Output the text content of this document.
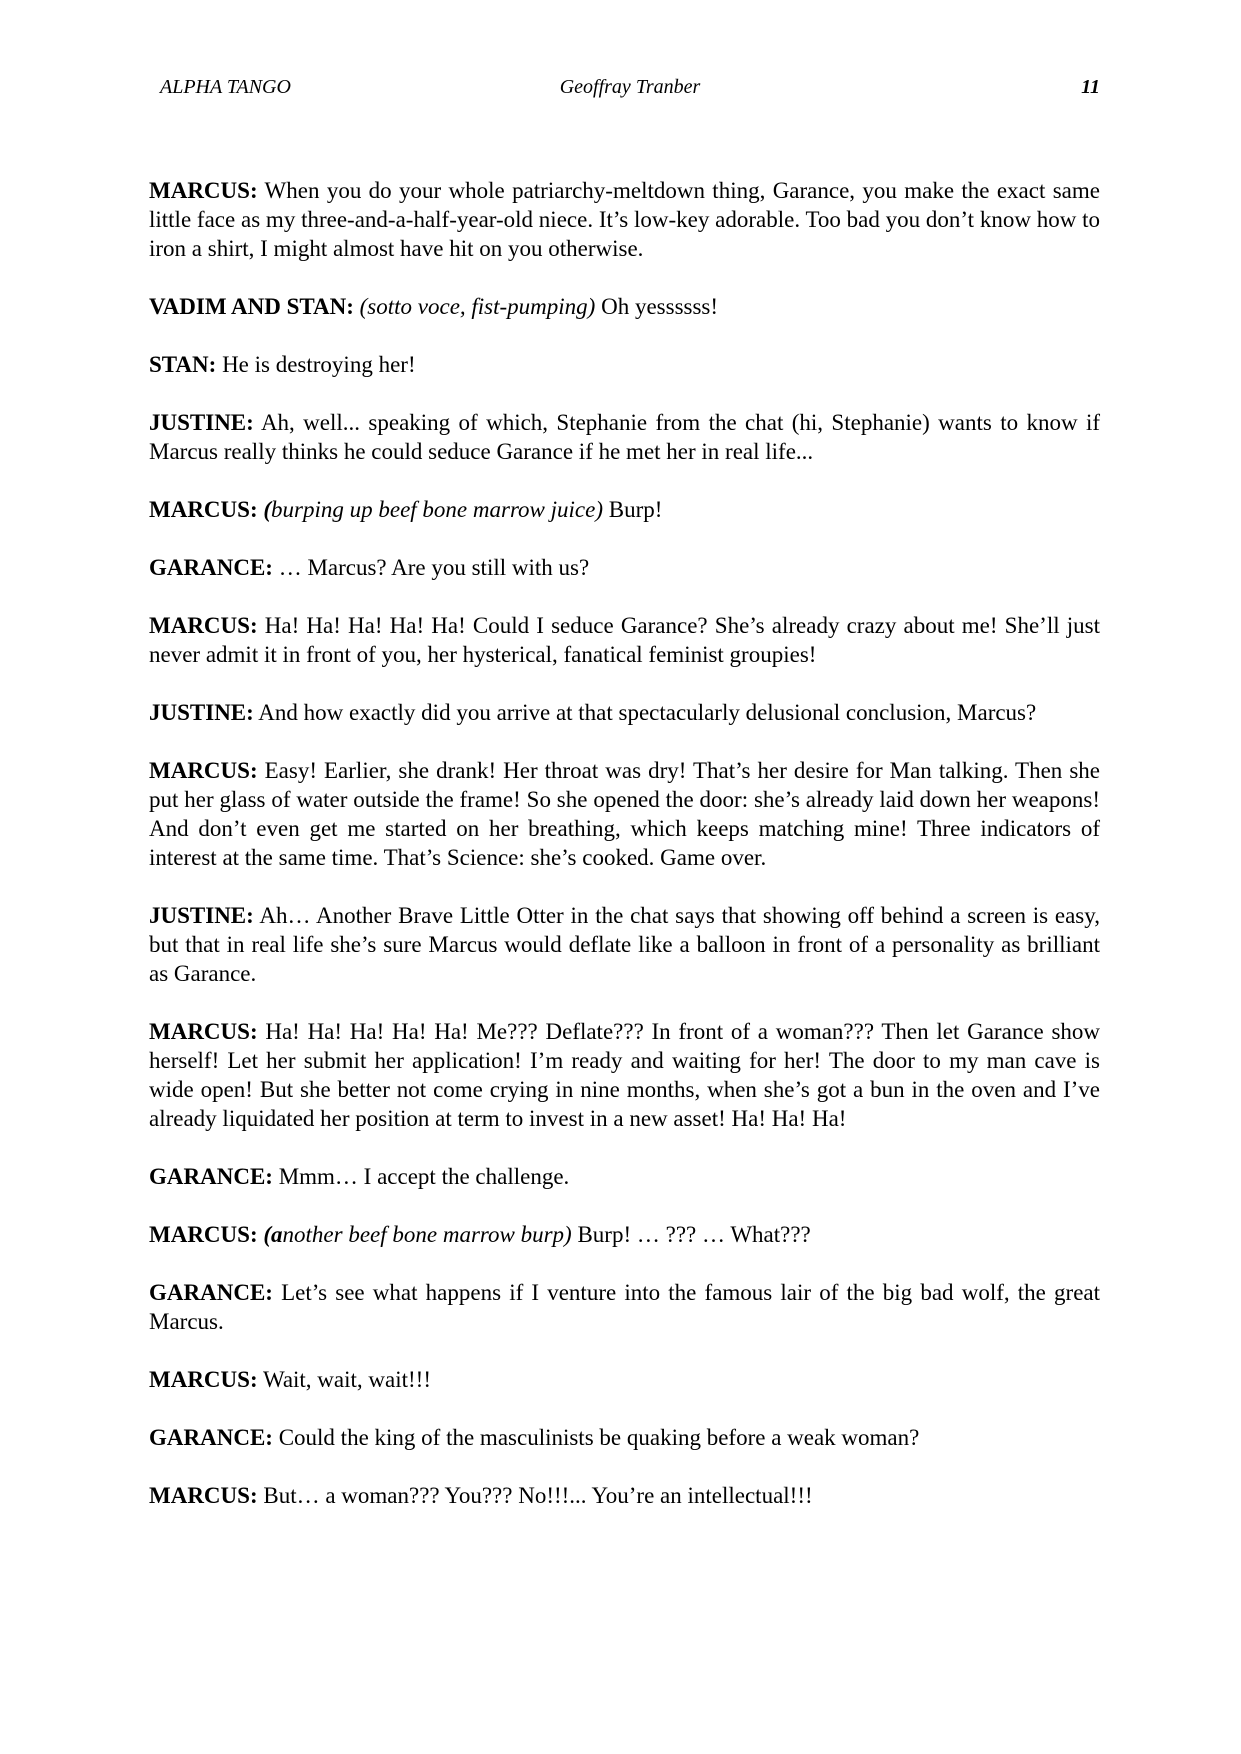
ALPHA TANGO	Geoffray Tranber	11

MARCUS: When you do your whole patriarchy-meltdown thing, Garance, you make the exact same little face as my three-and-a-half-year-old niece. It’s low-key adorable. Too bad you don’t know how to iron a shirt, I might almost have hit on you otherwise.

VADIM AND STAN: (sotto voce, fist-pumping) Oh yessssss!

STAN: He is destroying her!

JUSTINE: Ah, well... speaking of which, Stephanie from the chat (hi, Stephanie) wants to know if Marcus really thinks he could seduce Garance if he met her in real life...

MARCUS: (burping up beef bone marrow juice) Burp!

GARANCE: … Marcus? Are you still with us?

MARCUS: Ha! Ha! Ha! Ha! Ha! Could I seduce Garance? She’s already crazy about me! She’ll just never admit it in front of you, her hysterical, fanatical feminist groupies!

JUSTINE: And how exactly did you arrive at that spectacularly delusional conclusion, Marcus?

MARCUS: Easy! Earlier, she drank! Her throat was dry! That’s her desire for Man talking. Then she put her glass of water outside the frame! So she opened the door: she’s already laid down her weapons! And don’t even get me started on her breathing, which keeps matching mine! Three indicators of interest at the same time. That’s Science: she’s cooked. Game over.

JUSTINE: Ah… Another Brave Little Otter in the chat says that showing off behind a screen is easy, but that in real life she’s sure Marcus would deflate like a balloon in front of a personality as brilliant as Garance.

MARCUS: Ha! Ha! Ha! Ha! Ha! Me??? Deflate??? In front of a woman??? Then let Garance show herself! Let her submit her application! I’m ready and waiting for her! The door to my man cave is wide open! But she better not come crying in nine months, when she’s got a bun in the oven and I’ve already liquidated her position at term to invest in a new asset! Ha! Ha! Ha!

GARANCE: Mmm… I accept the challenge.

MARCUS: (another beef bone marrow burp) Burp! … ??? … What???

GARANCE: Let’s see what happens if I venture into the famous lair of the big bad wolf, the great Marcus.

MARCUS: Wait, wait, wait!!!

GARANCE: Could the king of the masculinists be quaking before a weak woman?

MARCUS: But… a woman??? You??? No!!!... You’re an intellectual!!!
